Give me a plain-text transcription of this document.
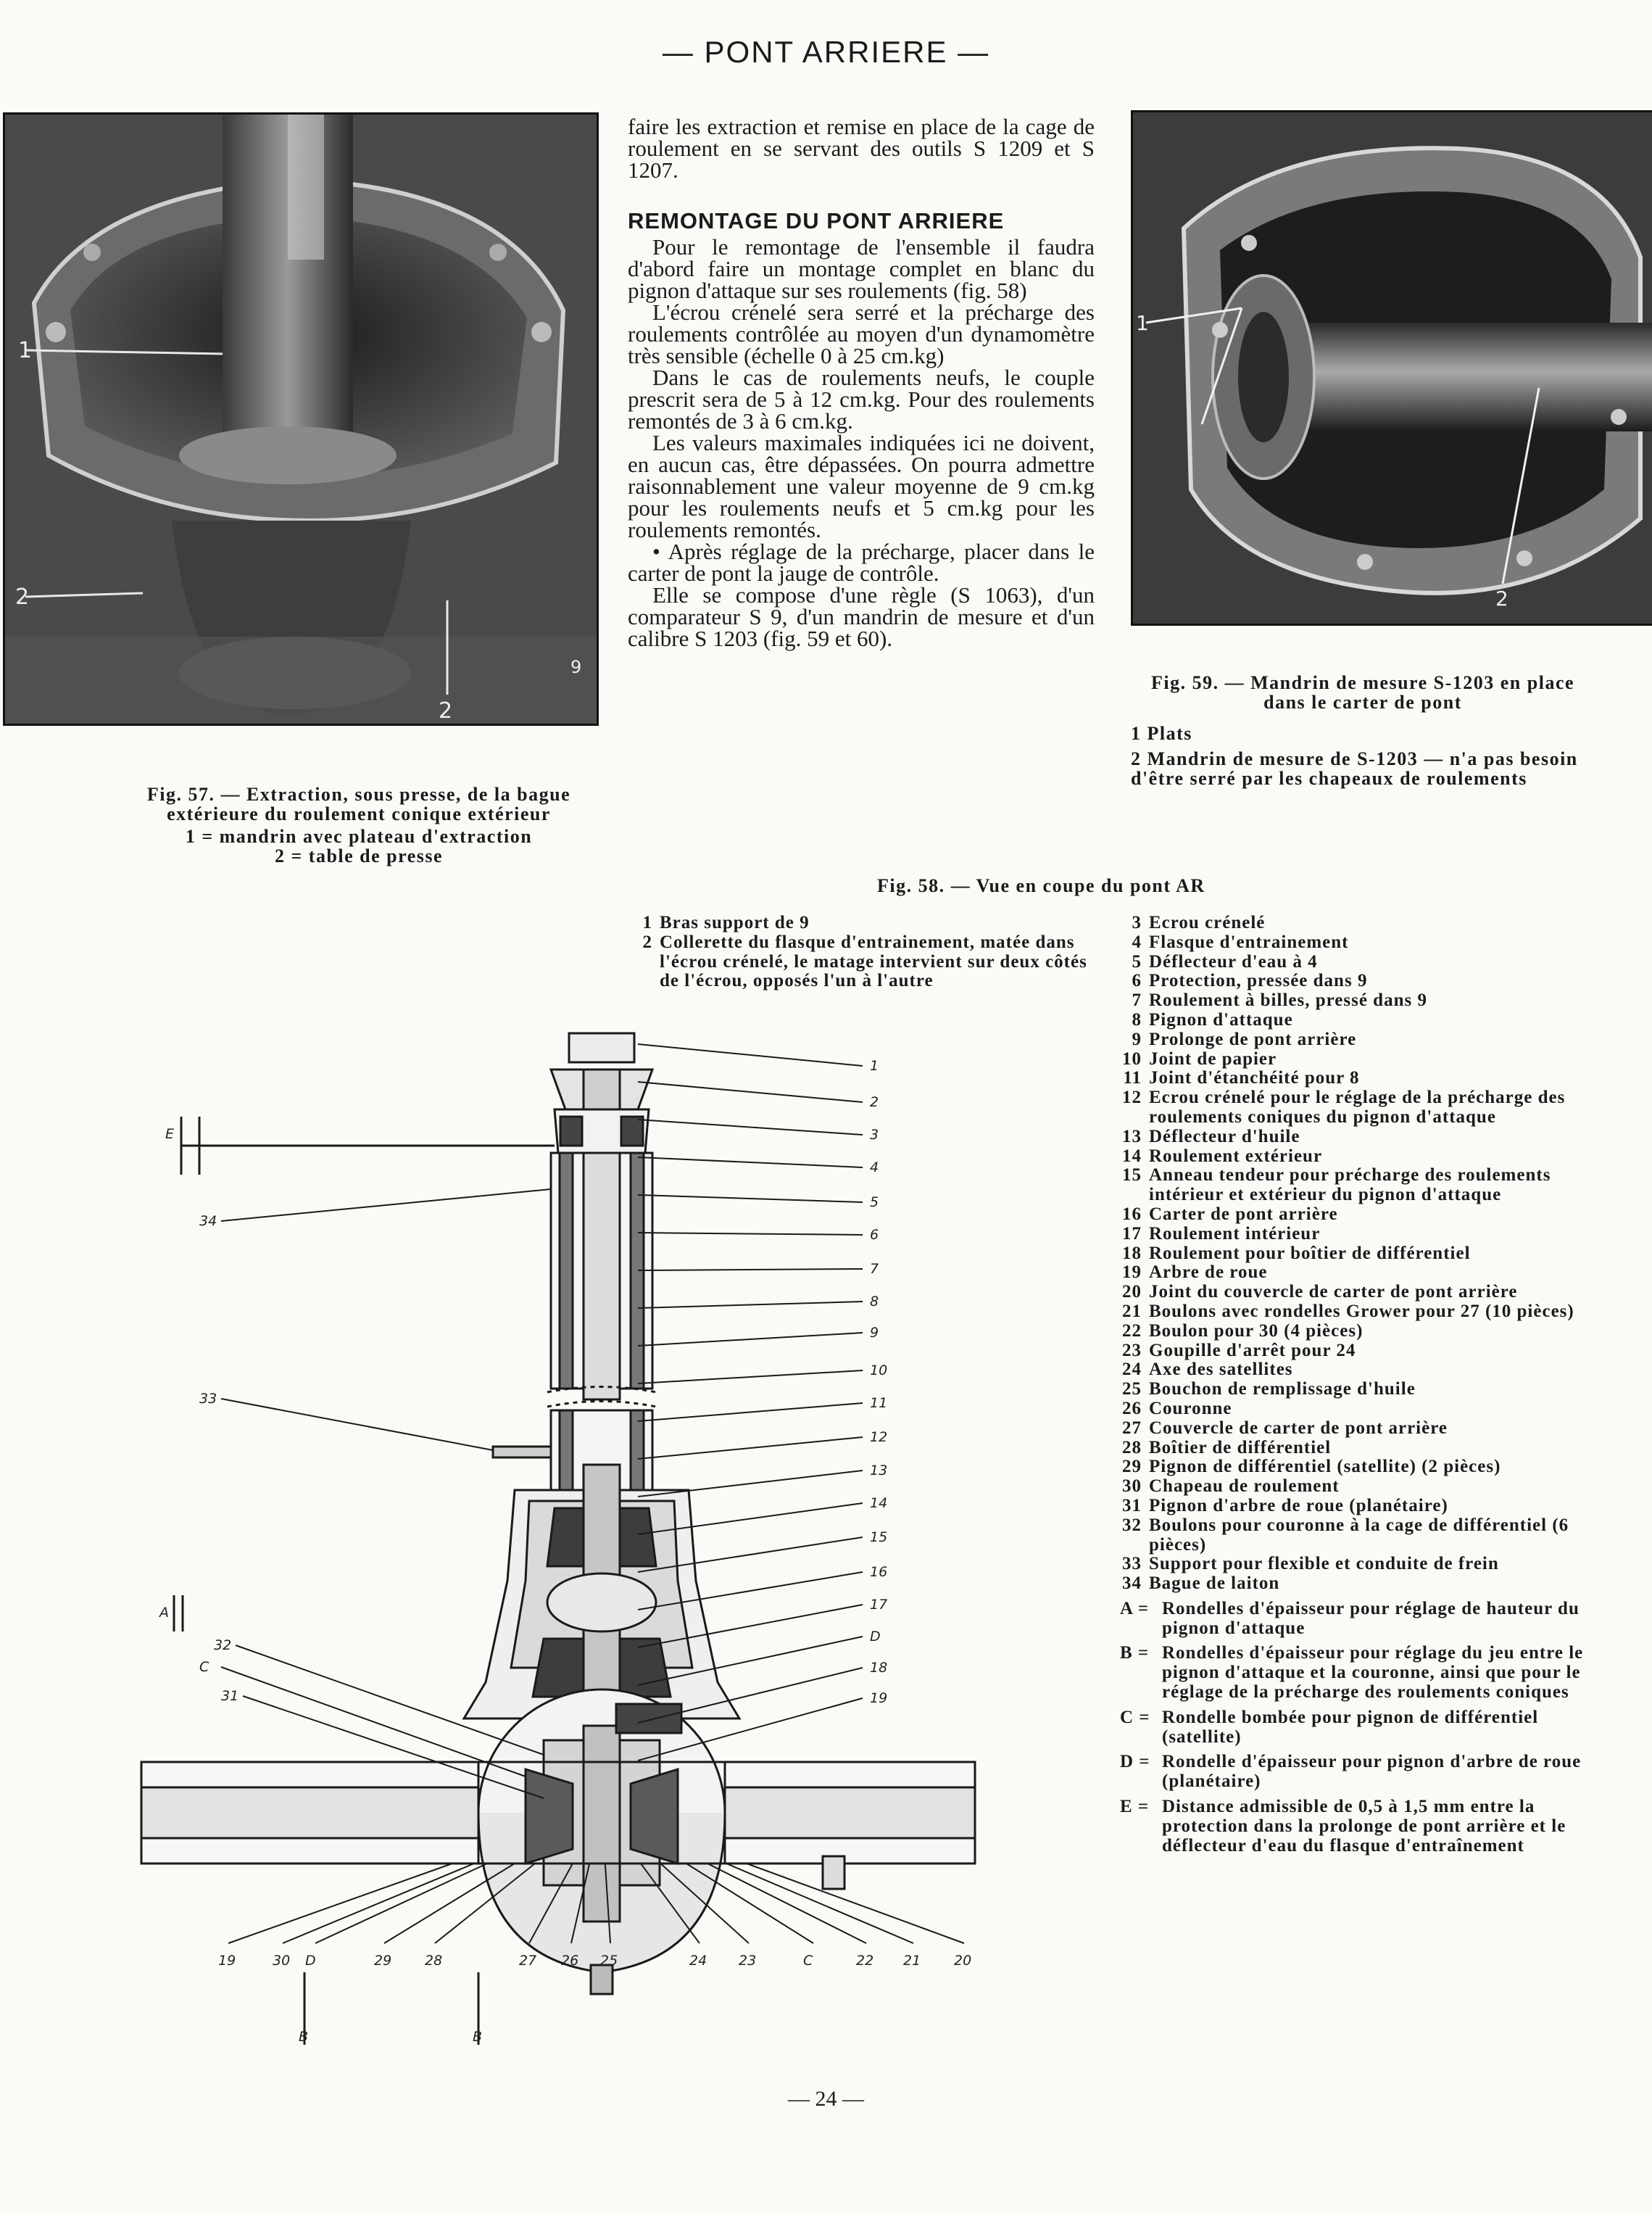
— PONT ARRIERE —
1
2
2
9

Fig. 57. — Extraction, sous presse, de la bague extérieure du roulement conique extérieur

1 = mandrin avec plateau d'extraction

2 = table de presse

faire les extraction et remise en place de la cage de roulement en se servant des outils S 1209 et S 1207.

REMONTAGE DU PONT ARRIERE

Pour le remontage de l'ensemble il faudra d'abord faire un montage complet en blanc du pignon d'attaque sur ses roulements (fig. 58)

L'écrou crénelé sera serré et la précharge des roulements contrôlée au moyen d'un dynamomètre très sensible (échelle 0 à 25 cm.kg)

Dans le cas de roulements neufs, le couple prescrit sera de 5 à 12 cm.kg. Pour des roulements remontés de 3 à 6 cm.kg.

Les valeurs maximales indiquées ici ne doivent, en aucun cas, être dépassées. On pourra admettre raisonnablement une valeur moyenne de 9 cm.kg pour les roulements neufs et 5 cm.kg pour les roulements remontés.

• Après réglage de la précharge, placer dans le carter de pont la jauge de contrôle.

Elle se compose d'une règle (S 1063), d'un comparateur S 9, d'un mandrin de mesure et d'un calibre S 1203 (fig. 59 et 60).

1
2

Fig. 59. — Mandrin de mesure S-1203 en place dans le carter de pont

1 Plats

2 Mandrin de mesure de S-1203 — n'a pas besoin d'être serré par les chapeaux de roulements

Fig. 58. — Vue en coupe du pont AR
1 Bras support de 9
2 Collerette du flasque d'entrainement, matée dans l'écrou crénelé, le matage intervient sur deux côtés de l'écrou, opposés l'un à l'autre
3 Ecrou crénelé
4 Flasque d'entrainement
5 Déflecteur d'eau à 4
6 Protection, pressée dans 9
7 Roulement à billes, pressé dans 9
8 Pignon d'attaque
9 Prolonge de pont arrière
10 Joint de papier
11 Joint d'étanchéité pour 8
12 Ecrou crénelé pour le réglage de la précharge des roulements coniques du pignon d'attaque
13 Déflecteur d'huile
14 Roulement extérieur
15 Anneau tendeur pour précharge des roulements intérieur et extérieur du pignon d'attaque
16 Carter de pont arrière
17 Roulement intérieur
18 Roulement pour boîtier de différentiel
19 Arbre de roue
20 Joint du couvercle de carter de pont arrière
21 Boulons avec rondelles Grower pour 27 (10 pièces)
22 Boulon pour 30 (4 pièces)
23 Goupille d'arrêt pour 24
24 Axe des satellites
25 Bouchon de remplissage d'huile
26 Couronne
27 Couvercle de carter de pont arrière
28 Boîtier de différentiel
29 Pignon de différentiel (satellite) (2 pièces)
30 Chapeau de roulement
31 Pignon d'arbre de roue (planétaire)
32 Boulons pour couronne à la cage de différentiel (6 pièces)
33 Support pour flexible et conduite de frein
34 Bague de laiton
A = Rondelles d'épaisseur pour réglage de hauteur du pignon d'attaque
B = Rondelles d'épaisseur pour réglage du jeu entre le pignon d'attaque et la couronne, ainsi que pour le réglage de la précharge des roulements coniques
C = Rondelle bombée pour pignon de différentiel (satellite)
D = Rondelle d'épaisseur pour pignon d'arbre de roue (planétaire)
E = Distance admissible de 0,5 à 1,5 mm entre la protection dans la prolonge de pont arrière et le déflecteur d'eau du flasque d'entraînement
1
2
3
4
5
6
7
8
9
10
11
12
13
14
15
16
17
D
18
19
19	30 D	29 28	27 26 25	24 23	C	22 21 20
B	B
E
34
33
A
32
C
31
— 24 —
